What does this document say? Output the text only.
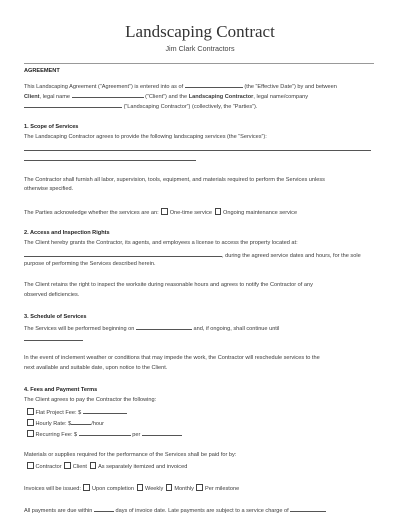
Landscaping Contract
Jim Clark Contractors
AGREEMENT
This Landscaping Agreement (“Agreement”) is entered into as of	(the “Effective Date”) by and between
Client, legal name	(“Client”) and the Landscaping Contractor, legal name/company
(“Landscaping Contractor”) (collectively, the “Parties”).
1. Scope of Services
The Landscaping Contractor agrees to provide the following landscaping services (the “Services”):
The Contractor shall furnish all labor, supervision, tools, equipment, and materials required to perform the Services unless
otherwise specified.
The Parties acknowledge whether the services are an: One-time service Ongoing maintenance service
2. Access and Inspection Rights
The Client hereby grants the Contractor, its agents, and employees a license to access the property located at:
, during the agreed service dates and hours, for the sole
purpose of performing the Services described herein.
The Client retains the right to inspect the worksite during reasonable hours and agrees to notify the Contractor of any
observed deficiencies.
3. Schedule of Services
The Services will be performed beginning on	and, if ongoing, shall continue until
In the event of inclement weather or conditions that may impede the work, the Contractor will reschedule services to the
next available and suitable date, upon notice to the Client.
4. Fees and Payment Terms
The Client agrees to pay the Contractor the following:
Flat Project Fee: $
Hourly Rate: $	/hour
Recurring Fee: $	per
Materials or supplies required for the performance of the Services shall be paid for by:
Contractor Client As separately itemized and invoiced
Invoices will be issued: Upon completion Weekly Monthly Per milestone
All payments are due within	days of invoice date. Late payments are subject to a service charge of
